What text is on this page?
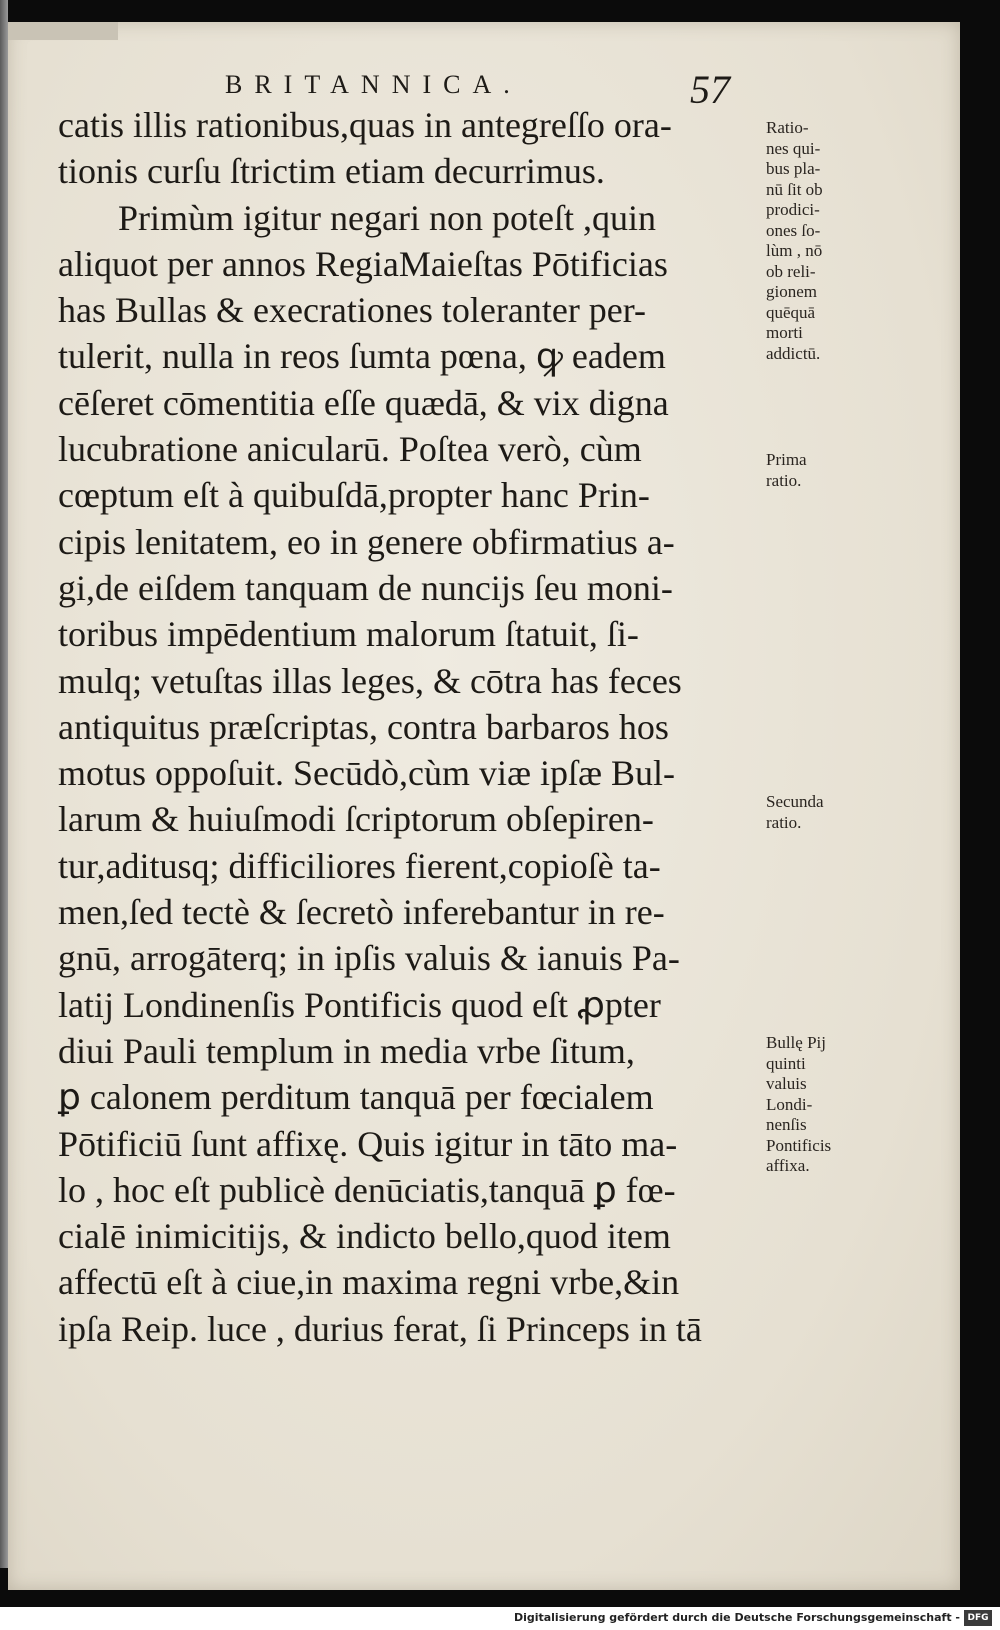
BRITANNICA.	57
catis illis rationibus,quas in antegreſſo ora-
tionis curſu ſtrictim etiam decurrimus.
Primùm igitur negari non poteſt ,quin
aliquot per annos RegiaMaieſtas Pōtificias
has Bullas & execrationes toleranter per-
tulerit, nulla in reos ſumta pœna, ꝙ eadem
cēſeret cōmentitia eſſe quædā, & vix digna
lucubratione anicularū. Poſtea verò, cùm
cœptum eſt à quibuſdā,propter hanc Prin-
cipis lenitatem, eo in genere obfirmatius a-
gi,de eiſdem tanquam de nuncijs ſeu moni-
toribus impēdentium malorum ſtatuit, ſi-
mulq; vetuſtas illas leges, & cōtra has feces
antiquitus præſcriptas, contra barbaros hos
motus oppoſuit. Secūdò,cùm viæ ipſæ Bul-
larum & huiuſmodi ſcriptorum obſepiren-
tur,aditusq; difficiliores fierent,copioſè ta-
men,ſed tectè & ſecretò inferebantur in re-
gnū, arrogāterq; in ipſis valuis & ianuis Pa-
latij Londinenſis Pontificis quod eſt ꝓpter
diui Pauli templum in media vrbe ſitum,
ꝑ calonem perditum tanquā per fœcialem
Pōtificiū ſunt affixę. Quis igitur in tāto ma-
lo , hoc eſt publicè denūciatis,tanquā ꝑ fœ-
cialē inimicitijs, & indicto bello,quod item
affectū eſt à ciue,in maxima regni vrbe,&in
ipſa Reip. luce , durius ferat, ſi Princeps in tā
Ratio-
nes qui-
bus pla-
nū ſit ob
prodici-
ones ſo-
lùm , nō
ob reli-
gionem
quēquā
morti
addictū.
Prima
ratio.
Secunda
ratio.
Bullę Pij
quinti
valuis
Londi-
nenſis
Pontificis
affixa.
Digitalisierung gefördert durch die Deutsche Forschungsgemeinschaft - DFG
